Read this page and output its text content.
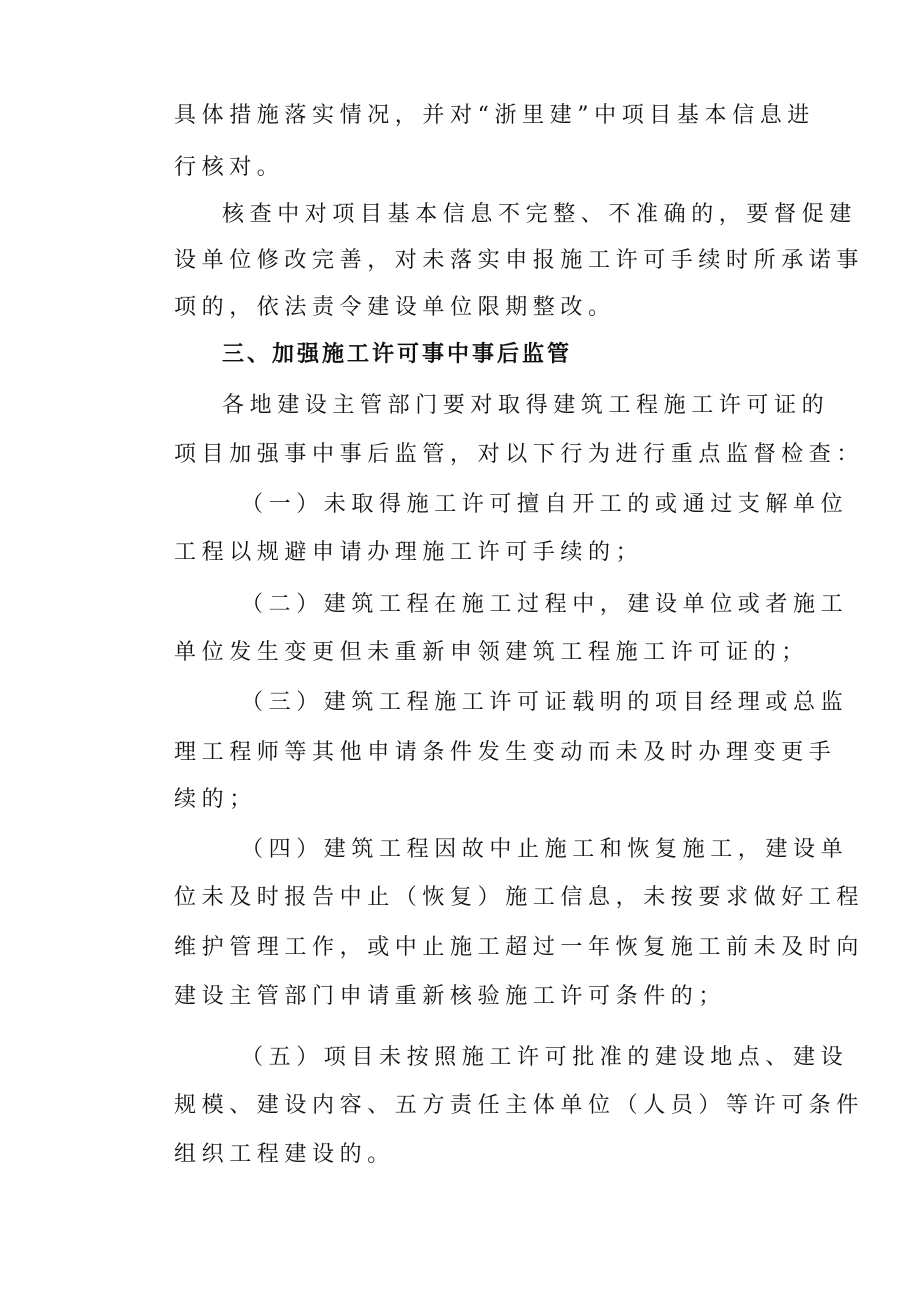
具体措施落实情况，并对“浙里建”中项目基本信息进
行核对。
核查中对项目基本信息不完整、不准确的，要督促建
设单位修改完善，对未落实申报施工许可手续时所承诺事
项的，依法责令建设单位限期整改。
三、加强施工许可事中事后监管
各地建设主管部门要对取得建筑工程施工许可证的
项目加强事中事后监管，对以下行为进行重点监督检查：
（一）未取得施工许可擅自开工的或通过支解单位
工程以规避申请办理施工许可手续的；
（二）建筑工程在施工过程中，建设单位或者施工
单位发生变更但未重新申领建筑工程施工许可证的；
（三）建筑工程施工许可证载明的项目经理或总监
理工程师等其他申请条件发生变动而未及时办理变更手
续的；
（四）建筑工程因故中止施工和恢复施工，建设单
位未及时报告中止（恢复）施工信息，未按要求做好工程
维护管理工作，或中止施工超过一年恢复施工前未及时向
建设主管部门申请重新核验施工许可条件的；
（五）项目未按照施工许可批准的建设地点、建设
规模、建设内容、五方责任主体单位（人员）等许可条件
组织工程建设的。
